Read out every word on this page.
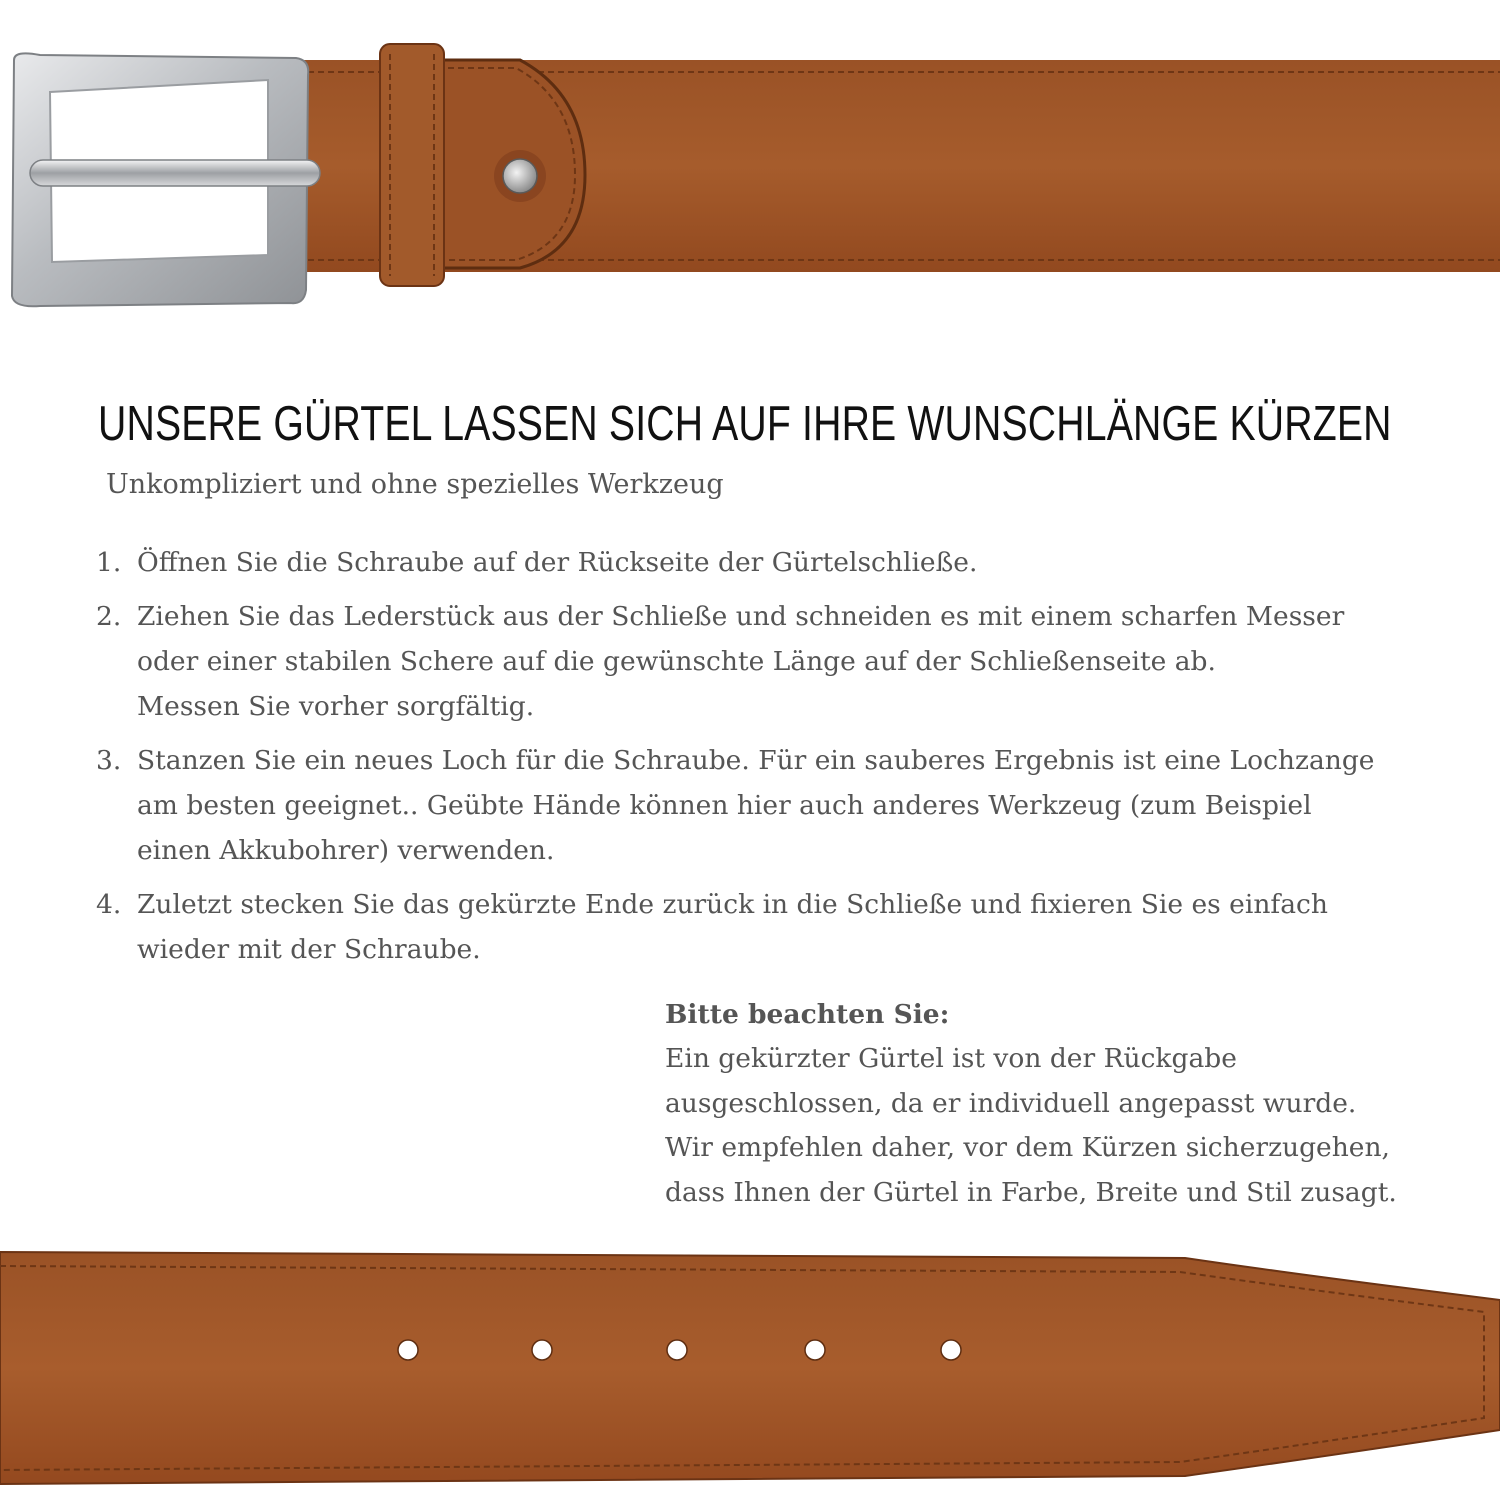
UNSERE GÜRTEL LASSEN SICH AUF IHRE WUNSCHLÄNGE KÜRZEN

Unkompliziert und ohne spezielles Werkzeug

1. Öffnen Sie die Schraube auf der Rückseite der Gürtelschließe.
2. Ziehen Sie das Lederstück aus der Schließe und schneiden es mit einem scharfen Messer
oder einer stabilen Schere auf die gewünschte Länge auf der Schließenseite ab.
Messen Sie vorher sorgfältig.
3. Stanzen Sie ein neues Loch für die Schraube. Für ein sauberes Ergebnis ist eine Lochzange
am besten geeignet.. Geübte Hände können hier auch anderes Werkzeug (zum Beispiel
einen Akkubohrer) verwenden.
4. Zuletzt stecken Sie das gekürzte Ende zurück in die Schließe und fixieren Sie es einfach
wieder mit der Schraube.
Bitte beachten Sie:
Ein gekürzter Gürtel ist von der Rückgabe
ausgeschlossen, da er individuell angepasst wurde.
Wir empfehlen daher, vor dem Kürzen sicherzugehen,
dass Ihnen der Gürtel in Farbe, Breite und Stil zusagt.
